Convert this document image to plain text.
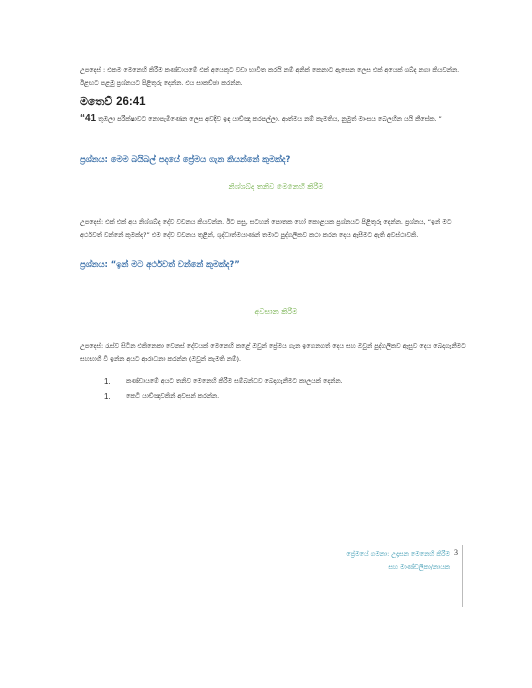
උපදෙස් : එකම මෙනෙහි කිරීම කණ්ඩායමේ එක් අයෙකුට වඩා භාවිත කරයි නම් අනික් කෙනාට ඇසෙන ලෙස එක් අයෙක් ශබ්ද නගා කියවන්න. ඊළඟට පළමු ප්‍රශ්නයට පිළිතුරු දෙන්න. එය සාකච්ඡා කරන්න.
මතෙව් 26:41
“41 තුඹලා පරීක්ෂාවට නොපැමිණෙන ලෙස අවදිව ඉඳ යාච්ඤා කරපල්ලා. ආත්මය නම් කැමතිය, නුමුත් මාංසය බෙලහීන යයි කීසේක. ”
ප්‍රශ්නය: මෙම බයිබල් පදයේ ප්‍රේමය ගැන කියන්නේ කුමක්ද?
නිශ්ශබ්ද තනිව මෙනෙහි කිරීම
උපදෙස්: එක් එක් අය නිශ්ශබ්ද දේව වචනය කියවන්න. ඊට පසු, සටහන් පොතක හෝ කොළයක ප්‍රශ්නයට පිළිතුරු දෙන්න. ප්‍රශ්නය, “ඉන් මට අර්ථවත් වන්නේ කුමක්ද?” එම දේව වචනය තුළින්, ශුද්ධාත්මයාණන් තමාට පුද්ගලිකව කථා කරන දෙය ඇසීමට ඇති අවස්ථාවකි.
ප්‍රශ්නය: “ඉන් මට අර්ථවත් වන්නේ කුමක්ද?”
අවසාන කිරීම
උපදෙස්: රැස්ව සිටින එකිනෙකා වෙනස් දේවයක් මෙනෙහි කළේ ඔවුන් ප්‍රේමය ගැන ඉගෙනගත් දෙය සහ ඔවුන් පුද්ගලිකව ඇසුව දෙය බෙදාගැනීමට සහභාගී වී ඉන්න අයට ආරාධනා කරන්න (ඔවුන් කැමති නම්).
1.	කණ්ඩායමේ අයට තනිව මෙනෙහි කිරීම සම්බන්ධව බෙදාගැනීමට කාලයක් දෙන්න.
1.	කෙටි යාච්ඤාවකින් අවසන් කරන්න.
ප්‍රේමයේ ගමනා: උදෑසන මෙනෙහි කිරීම
සහ මාණ්ඩලිකා/නායක
3
